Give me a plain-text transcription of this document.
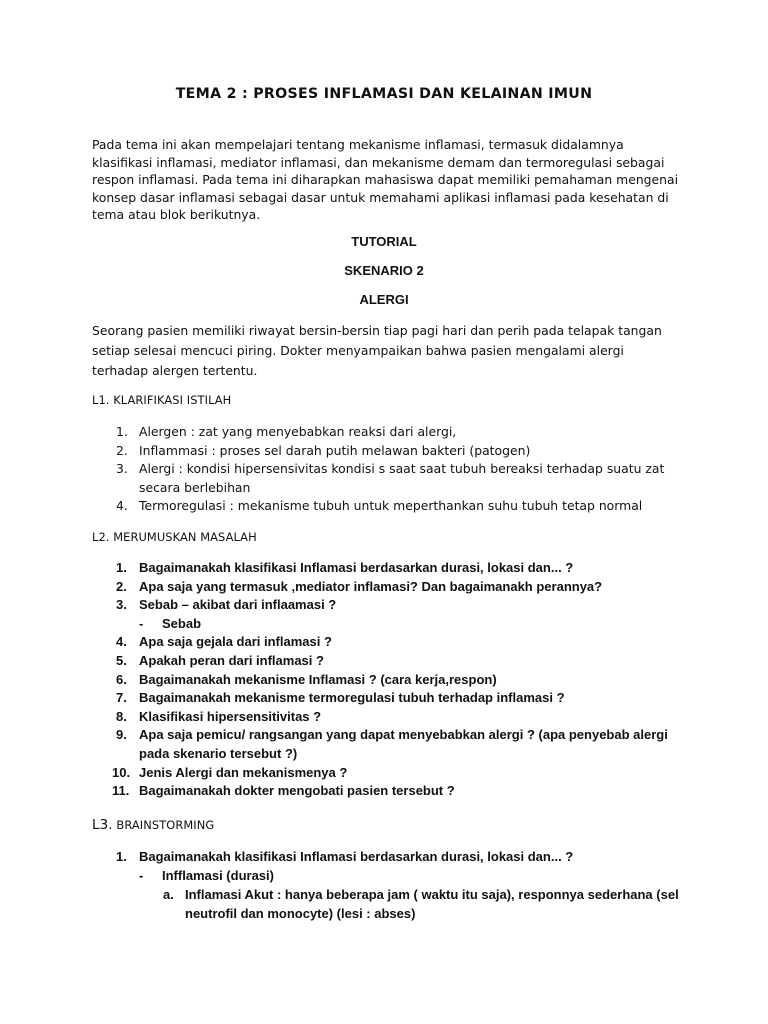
TEMA 2 : PROSES INFLAMASI DAN KELAINAN IMUN

Pada tema ini akan mempelajari tentang mekanisme inflamasi, termasuk didalamnya klasifikasi inflamasi, mediator inflamasi, dan mekanisme demam dan termoregulasi sebagai respon inflamasi. Pada tema ini diharapkan mahasiswa dapat memiliki pemahaman mengenai konsep dasar inflamasi sebagai dasar untuk memahami aplikasi inflamasi pada kesehatan di tema atau blok berikutnya.

TUTORIAL
SKENARIO 2
ALERGI

Seorang pasien memiliki riwayat bersin-bersin tiap pagi hari dan perih pada telapak tangan setiap selesai mencuci piring. Dokter menyampaikan bahwa pasien mengalami alergi terhadap alergen tertentu.

L1. KLARIFIKASI ISTILAH
1. Alergen : zat yang menyebabkan reaksi dari alergi,
2. Inflammasi : proses sel darah putih melawan bakteri (patogen)
3. Alergi : kondisi hipersensivitas kondisi s saat saat tubuh bereaksi terhadap suatu zat secara berlebihan
4. Termoregulasi : mekanisme tubuh untuk meperthankan suhu tubuh tetap normal
L2. MERUMUSKAN MASALAH
1. Bagaimanakah klasifikasi Inflamasi berdasarkan durasi, lokasi dan... ?
2. Apa saja yang termasuk ,mediator inflamasi? Dan bagaimanakh perannya?
3. Sebab – akibat dari inflaamasi ?
- Sebab
4. Apa saja gejala dari inflamasi ?
5. Apakah peran dari inflamasi ?
6. Bagaimanakah mekanisme Inflamasi ? (cara kerja,respon)
7. Bagaimanakah mekanisme termoregulasi tubuh terhadap inflamasi ?
8. Klasifikasi hipersensitivitas ?
9. Apa saja pemicu/ rangsangan yang dapat menyebabkan alergi ? (apa penyebab alergi pada skenario tersebut ?)
10. Jenis Alergi dan mekanismenya ?
11. Bagaimanakah dokter mengobati pasien tersebut ?
L3. BRAINSTORMING
1. Bagaimanakah klasifikasi Inflamasi berdasarkan durasi, lokasi dan... ?
- Infflamasi (durasi)
a. Inflamasi Akut : hanya beberapa jam ( waktu itu saja), responnya sederhana (sel neutrofil dan monocyte) (lesi : abses)
